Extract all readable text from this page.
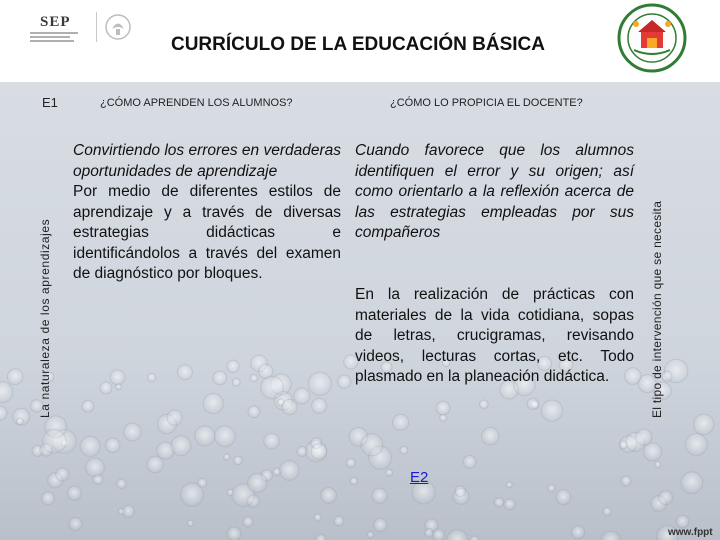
SEP
CURRÍCULO DE LA EDUCACIÓN BÁSICA
E1	¿CÓMO APRENDEN LOS ALUMNOS?	¿CÓMO LO PROPICIA EL DOCENTE?
La naturaleza de los aprendizajes	El tipo de intervención que se necesita
Convirtiendo los errores en verdaderas oportunidades de aprendizaje
Por medio de diferentes estilos de aprendizaje y a través de diversas estrategias didácticas e identificándolos a través del examen de diagnóstico por bloques.
Cuando favorece que los alumnos identifiquen el error y su origen; así como orientarlo a la reflexión acerca de las estrategias empleadas por sus compañeros
En la realización de prácticas con materiales de la vida cotidiana, sopas de letras, crucigramas, revisando videos, lecturas cortas, etc. Todo plasmado en la planeación didáctica.
E2
www.fppt
